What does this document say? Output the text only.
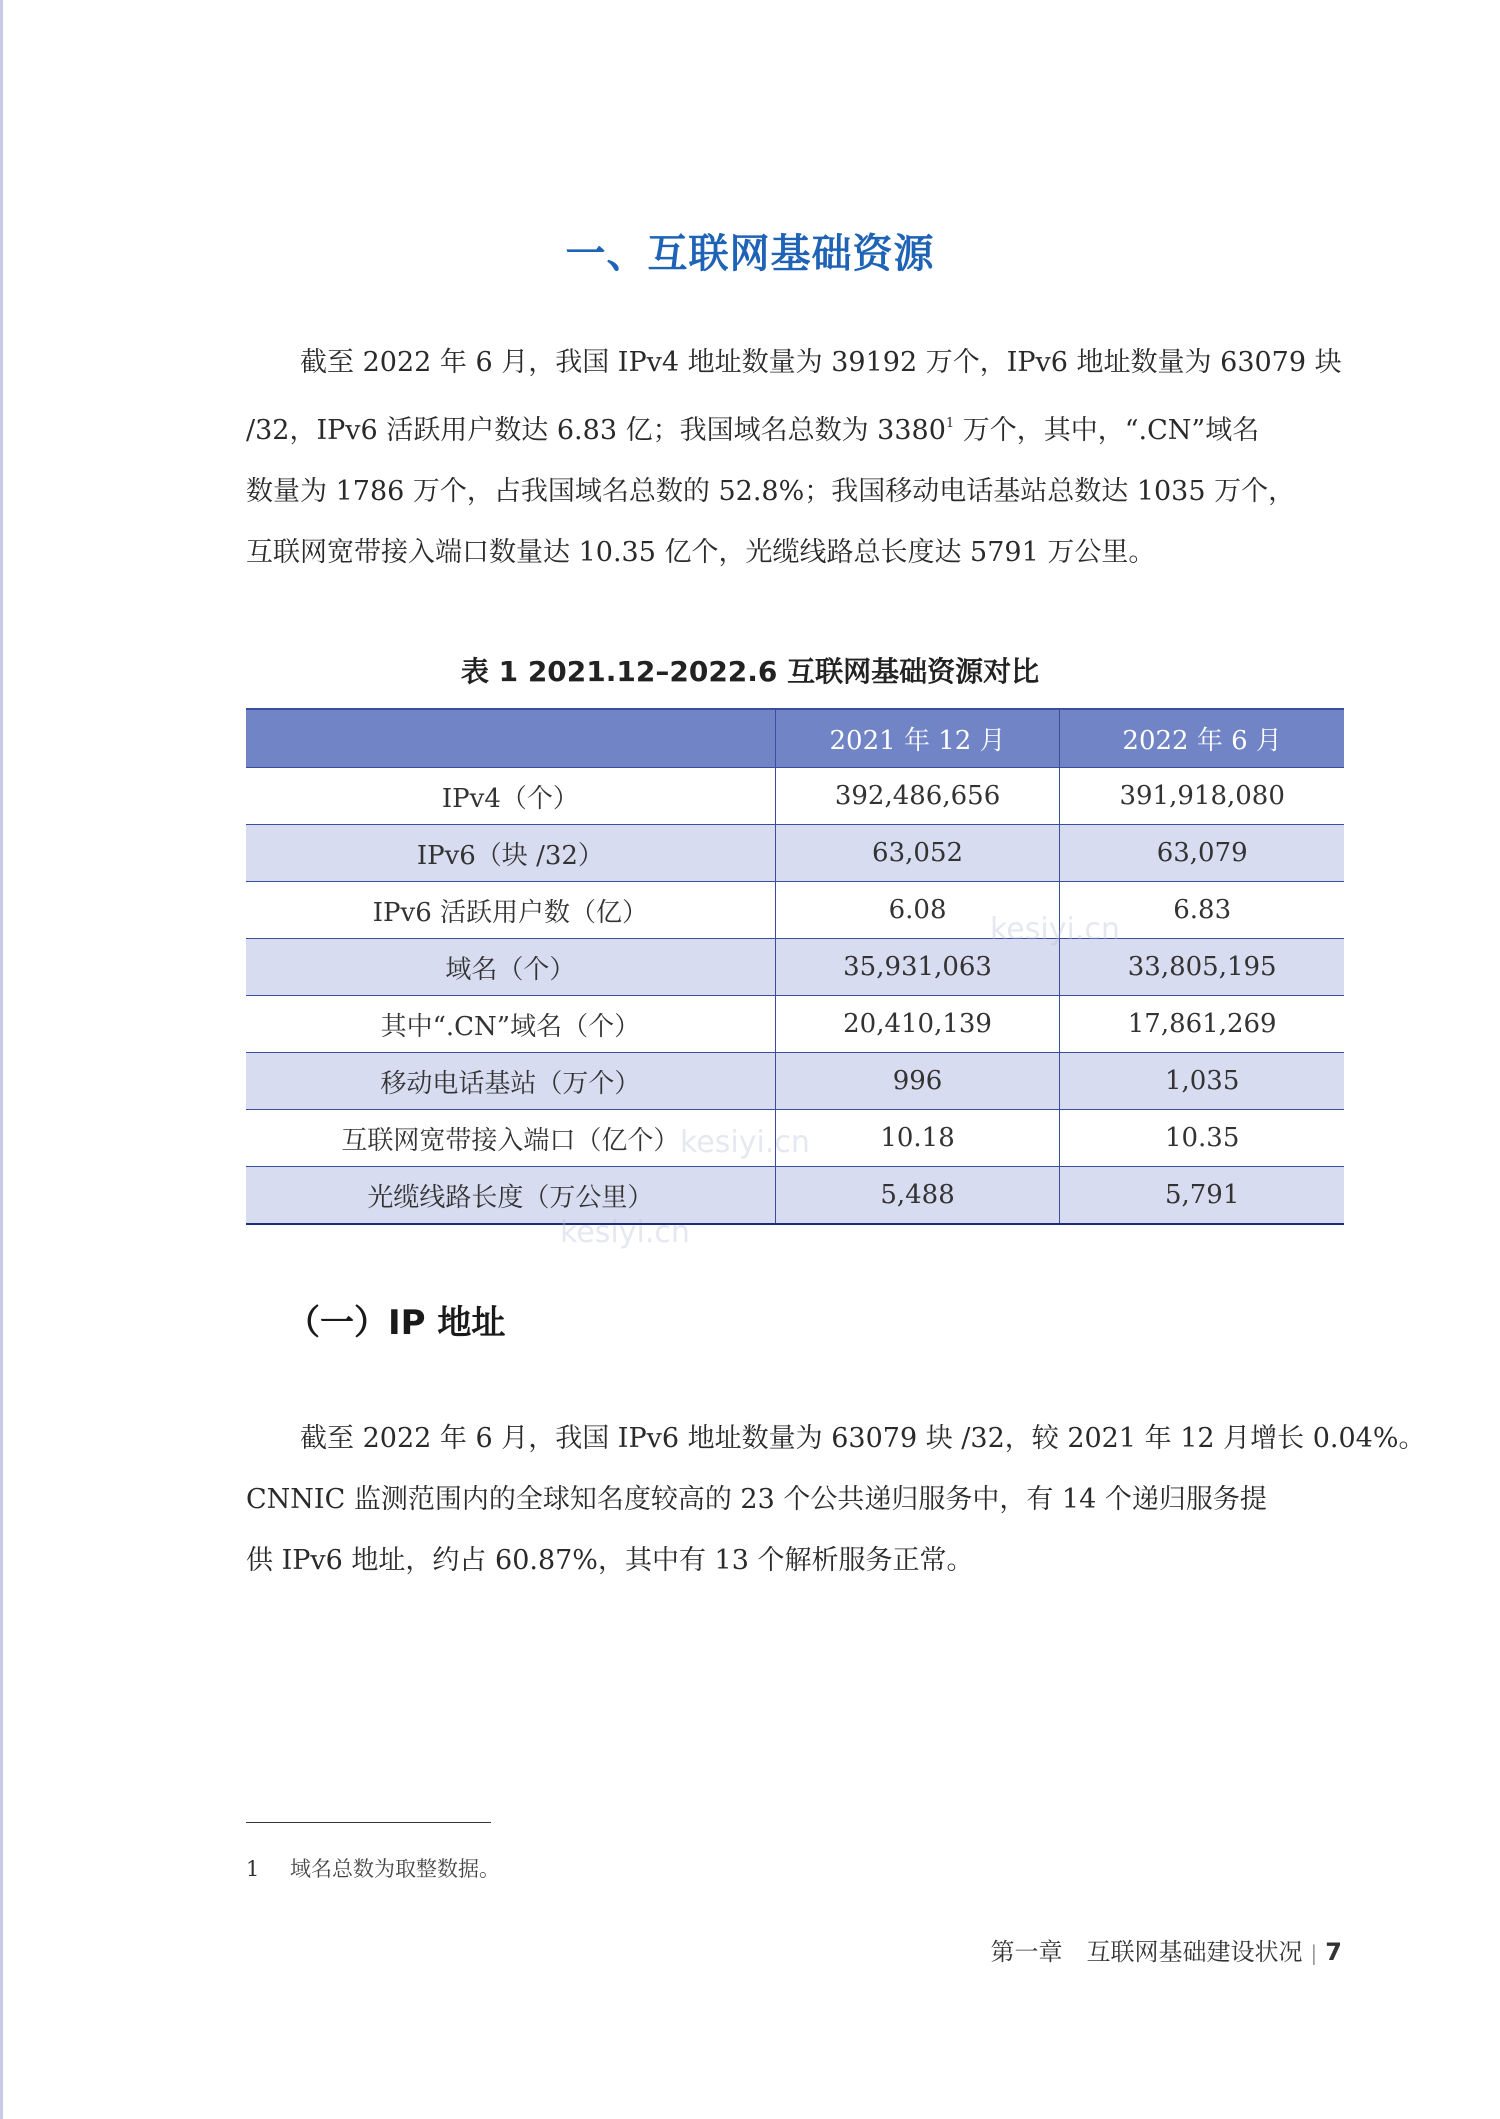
一、互联网基础资源

截至 2022 年 6 月，我国 IPv4 地址数量为 39192 万个，IPv6 地址数量为 63079 块
/32，IPv6 活跃用户数达 6.83 亿；我国域名总数为 3380$^1$ 万个，其中，“.CN”域名
数量为 1786 万个，占我国域名总数的 52.8%；我国移动电话基站总数达 1035 万个，
互联网宽带接入端口数量达 10.35 亿个，光缆线路总长度达 5791 万公里。

表 1 2021.12–2022.6 互联网基础资源对比
	2021 年 12 月	2022 年 6 月
IPv4（个）	392,486,656	391,918,080
IPv6（块 /32）	63,052	63,079
IPv6 活跃用户数（亿）	6.08	6.83
域名（个）	35,931,063	33,805,195
其中“.CN”域名（个）	20,410,139	17,861,269
移动电话基站（万个）	996	1,035
互联网宽带接入端口（亿个）	10.18	10.35
光缆线路长度（万公里）	5,488	5,791
kesiyi.cn
kesiyi.cn
kesiyi.cn
（一）IP 地址

截至 2022 年 6 月，我国 IPv6 地址数量为 63079 块 /32，较 2021 年 12 月增长 0.04%。
CNNIC 监测范围内的全球知名度较高的 23 个公共递归服务中，有 14 个递归服务提
供 IPv6 地址，约占 60.87%，其中有 13 个解析服务正常。

1 域名总数为取整数据。
第一章　互联网基础建设状况 | 7
